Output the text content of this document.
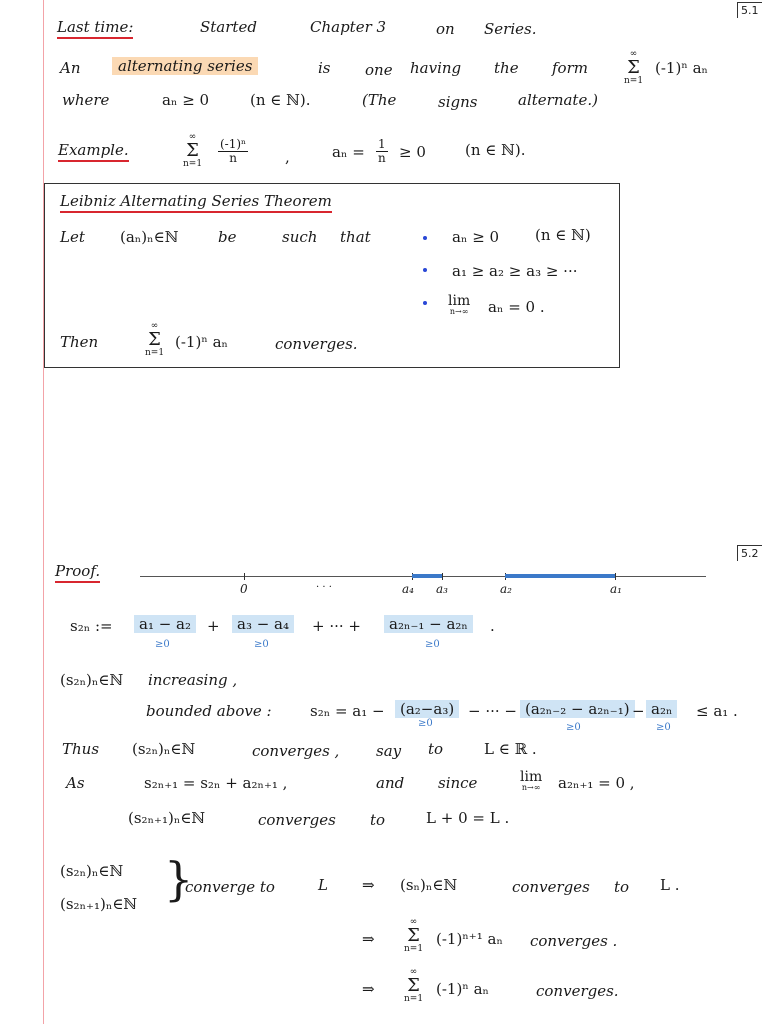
5.1
5.2
Last time:	Started	Chapter 3	on Series.
An	alternating series	is one having the form
∞
Σ
n=1
(-1)ⁿ aₙ
where	aₙ ≥ 0	(n ∈ ℕ).	(The	signs	alternate.)
Example.
∞
Σ
$n=1 \frac{\text{(-1)ⁿ}}{n}$ ,	$a_n = \frac{1}{n} \ge 0$	(n ∈ ℕ).
Leibniz Alternating Series Theorem
Let (aₙ)ₙ∈ℕ	be	such that	aₙ ≥ 0 (n ∈ ℕ)
a₁ ≥ a₂ ≥ a₃ ≥ ···
lim
n→∞ aₙ = 0 .
Then
∞
Σ
n=1
(-1)ⁿ aₙ	converges.
Proof.
0	· · ·	a₄ a₃	a₂	a₁
s₂ₙ :=	a₁ − a₂
≥0
+	a₃ − a₄
≥0
+ ··· +	a₂ₙ₋₁ − a₂ₙ
≥0
.
(s₂ₙ)ₙ∈ℕ increasing ,
bounded above :	s₂ₙ = a₁ −	(a₂−a₃)
≥0
− ··· − (a₂ₙ₋₂ − a₂ₙ₋₁)
≥0
− a₂ₙ
≥0
≤ a₁ .
Thus (s₂ₙ)ₙ∈ℕ	converges , say to	L ∈ ℝ .
As	s₂ₙ₊₁ = s₂ₙ + a₂ₙ₊₁ ,	and since	lim
n→∞ a₂ₙ₊₁ = 0 ,
(s₂ₙ₊₁)ₙ∈ℕ	converges to	L + 0 = L .
(s₂ₙ)ₙ∈ℕ
(s₂ₙ₊₁)ₙ∈ℕ }
converge to	L ⇒ (sₙ)ₙ∈ℕ	converges to L .
⇒
∞
Σ
n=1
(-1)ⁿ⁺¹ aₙ converges .
⇒
∞
Σ
n=1
(-1)ⁿ aₙ	converges.
